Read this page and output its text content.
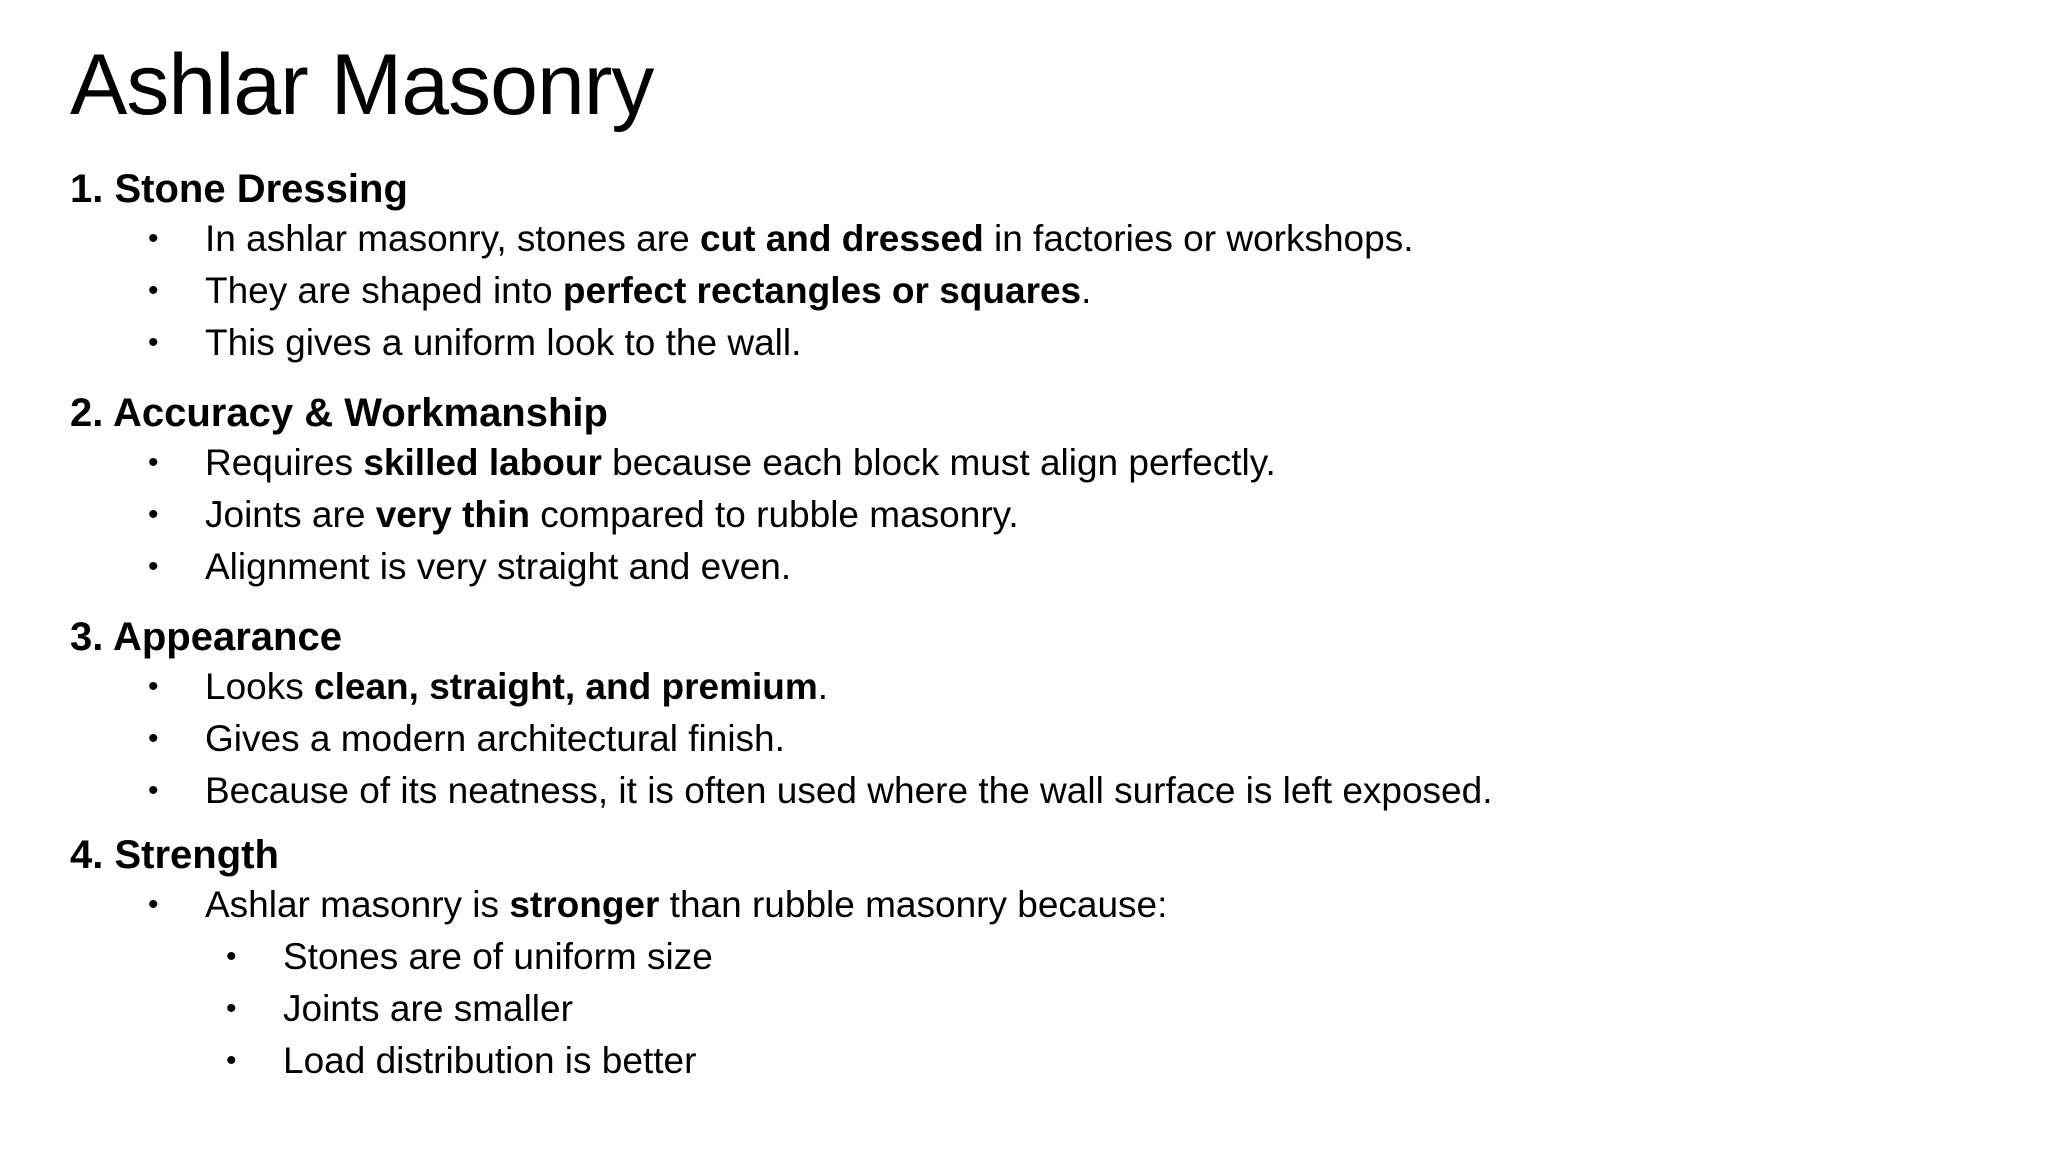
Ashlar Masonry
1. Stone Dressing
• In ashlar masonry, stones are cut and dressed in factories or workshops.
• They are shaped into perfect rectangles or squares.
• This gives a uniform look to the wall.
2. Accuracy & Workmanship
• Requires skilled labour because each block must align perfectly.
• Joints are very thin compared to rubble masonry.
• Alignment is very straight and even.
3. Appearance
• Looks clean, straight, and premium.
• Gives a modern architectural finish.
• Because of its neatness, it is often used where the wall surface is left exposed.
4. Strength
• Ashlar masonry is stronger than rubble masonry because:
• Stones are of uniform size
• Joints are smaller
• Load distribution is better
